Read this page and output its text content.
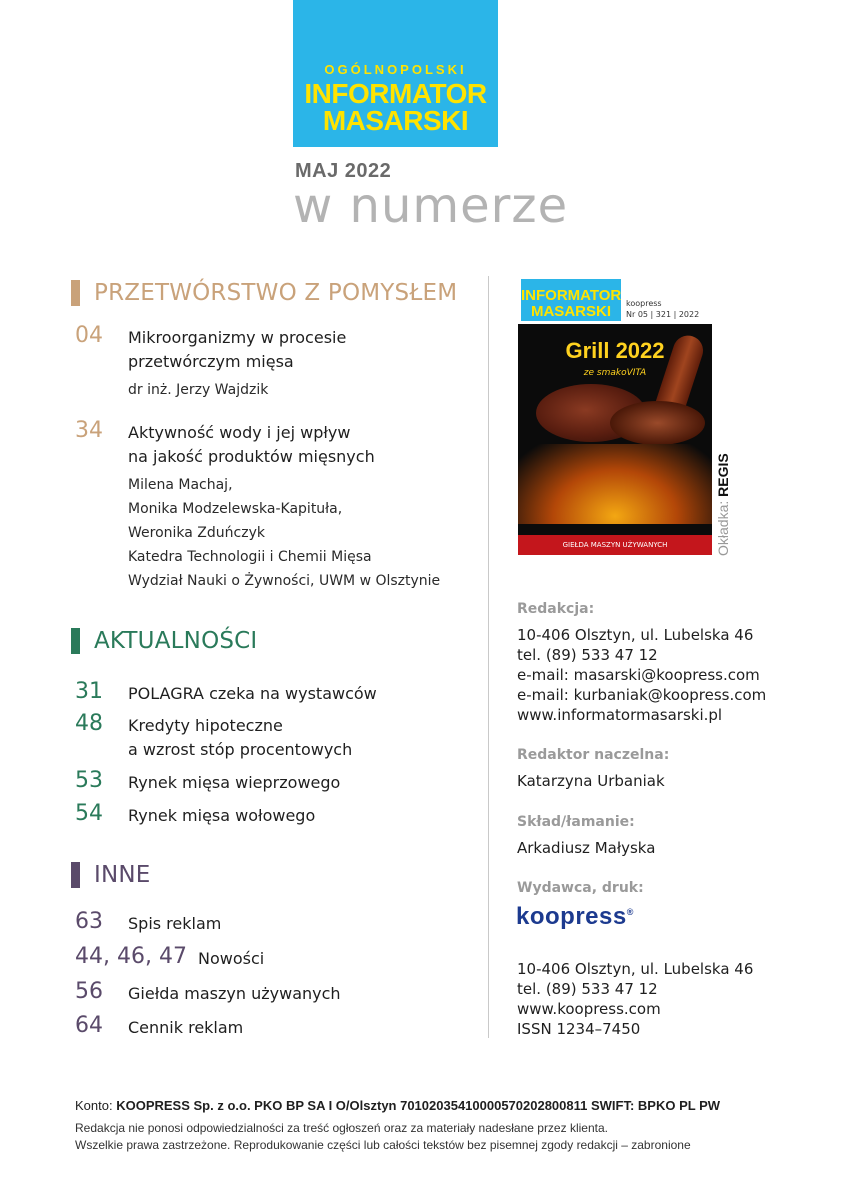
OGÓLNOPOLSKI
INFORMATOR
MASARSKI
MAJ 2022
w numerze
PRZETWÓRSTWO Z POMYSŁEM
04 Mikroorganizmy w procesie
przetwórczym mięsa
dr inż. Jerzy Wajdzik
34 Aktywność wody i jej wpływ
na jakość produktów mięsnych
Milena Machaj,
Monika Modzelewska-Kapituła,
Weronika Zduńczyk
Katedra Technologii i Chemii Mięsa
Wydział Nauki o Żywności, UWM w Olsztynie
AKTUALNOŚCI
31 POLAGRA czeka na wystawców
48 Kredyty hipoteczne
a wzrost stóp procentowych
53 Rynek mięsa wieprzowego
54 Rynek mięsa wołowego
INNE
63 Spis reklam
44, 46, 47 Nowości
56 Giełda maszyn używanych
64 Cennik reklam
INFORMATOR
MASARSKI	koopress
Nr 05 | 321 | 2022
Grill 2022
ze smakoVITA
GIEŁDA MASZYN UŻYWANYCH	Okładka: REGIS
Redakcja:
10-406 Olsztyn, ul. Lubelska 46
tel. (89) 533 47 12
e-mail: masarski@koopress.com
e-mail: kurbaniak@koopress.com
www.informatormasarski.pl
Redaktor naczelna:
Katarzyna Urbaniak
Skład/łamanie:
Arkadiusz Małyska
Wydawca, druk:
koopress®
10-406 Olsztyn, ul. Lubelska 46
tel. (89) 533 47 12
www.koopress.com
ISSN 1234–7450
Konto: KOOPRESS Sp. z o.o. PKO BP SA I O/Olsztyn 70102035410000570202800811 SWIFT: BPKO PL PW
Redakcja nie ponosi odpowiedzialności za treść ogłoszeń oraz za materiały nadesłane przez klienta.
Wszelkie prawa zastrzeżone. Reprodukowanie części lub całości tekstów bez pisemnej zgody redakcji – zabronione
